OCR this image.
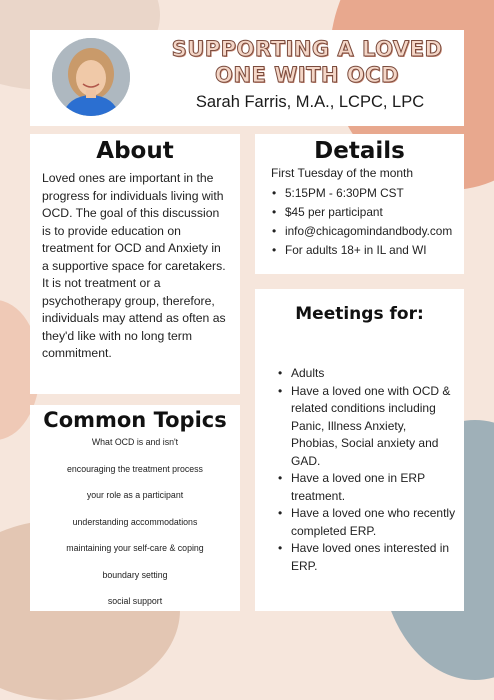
SUPPORTING A LOVED ONE WITH OCD
Sarah Farris, M.A., LCPC, LPC
About

Loved ones are important in the progress for individuals living with OCD. The goal of this discussion is to provide education on treatment for OCD and Anxiety in a supportive space for caretakers. It is not treatment or a psychotherapy group, therefore, individuals may attend as often as they'd like with no long term commitment.

Details

First Tuesday of the month

• 5:15PM - 6:30PM CST
• $45 per participant
• info@chicagomindandbody.com
• For adults 18+ in IL and WI
Meetings for:
• Adults
• Have a loved one with OCD & related conditions including Panic, Illness Anxiety, Phobias, Social anxiety and GAD.
• Have a loved one in ERP treatment.
• Have a loved one who recently completed ERP.
• Have loved ones interested in ERP.
Common Topics
What OCD is and isn't
encouraging the treatment process
your role as a participant
understanding accommodations
maintaining your self-care & coping
boundary setting
social support
